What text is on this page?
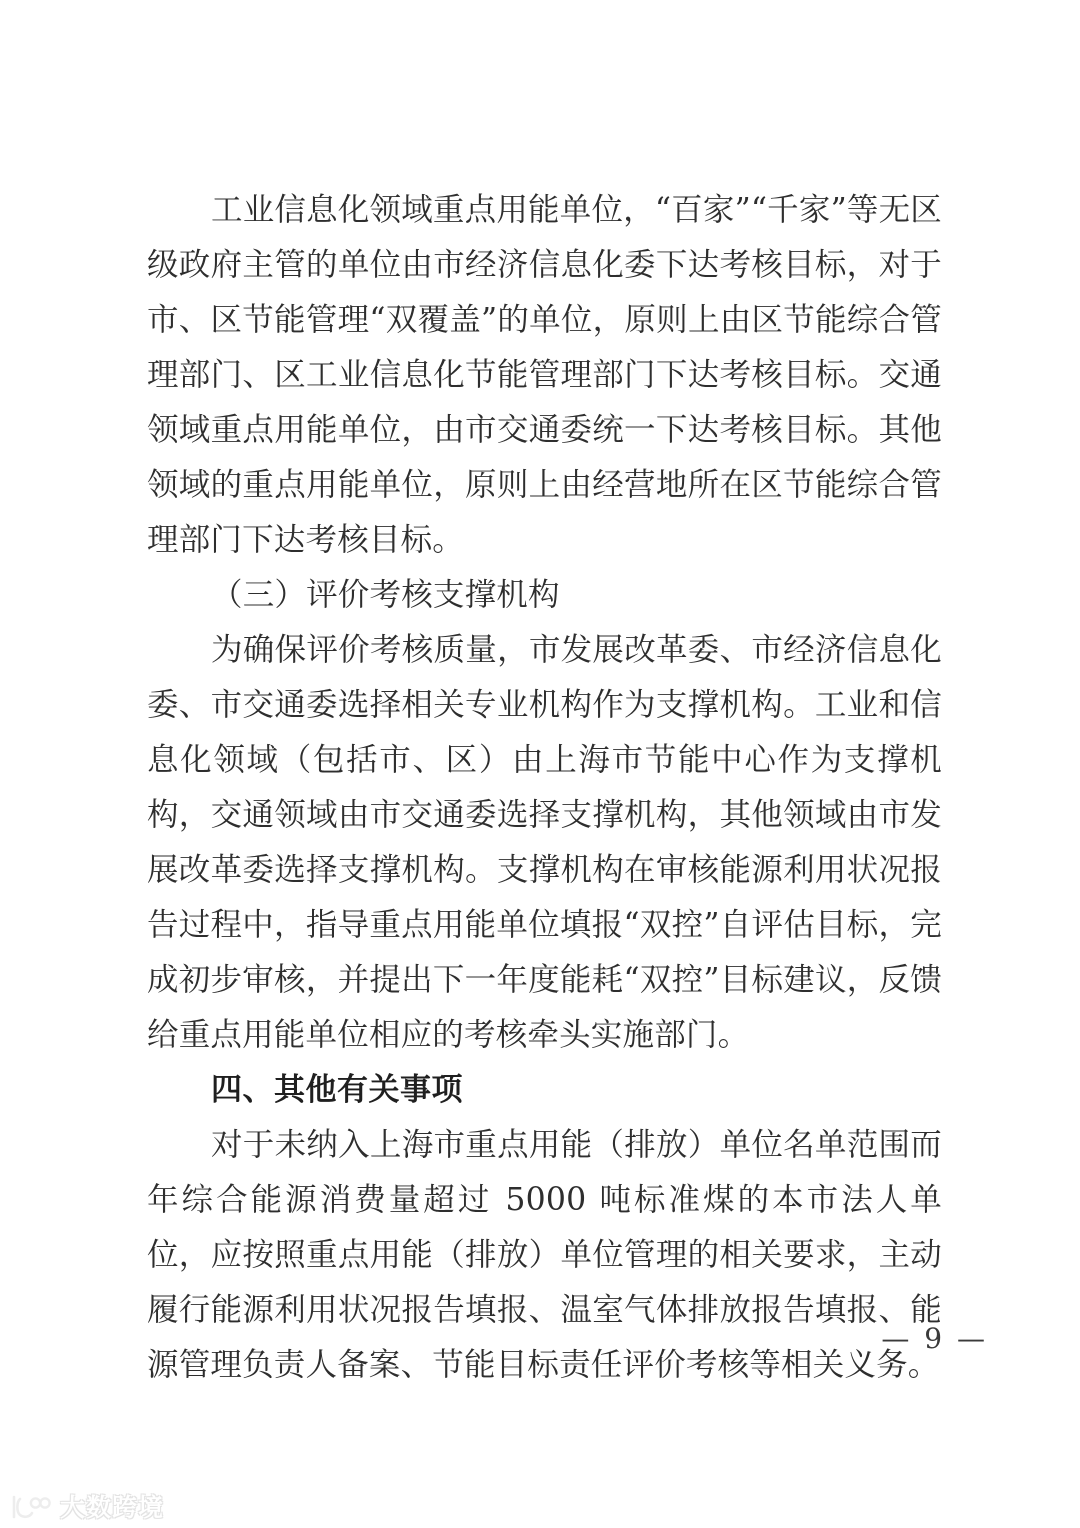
工业信息化领域重点用能单位，“百家”“千家”等无区级政府主管的单位由市经济信息化委下达考核目标，对于市、区节能管理“双覆盖”的单位，原则上由区节能综合管理部门、区工业信息化节能管理部门下达考核目标。交通领域重点用能单位，由市交通委统一下达考核目标。其他领域的重点用能单位，原则上由经营地所在区节能综合管理部门下达考核目标。

（三）评价考核支撑机构

为确保评价考核质量，市发展改革委、市经济信息化委、市交通委选择相关专业机构作为支撑机构。工业和信息化领域（包括市、区）由上海市节能中心作为支撑机构，交通领域由市交通委选择支撑机构，其他领域由市发展改革委选择支撑机构。支撑机构在审核能源利用状况报告过程中，指导重点用能单位填报“双控”自评估目标，完成初步审核，并提出下一年度能耗“双控”目标建议，反馈给重点用能单位相应的考核牵头实施部门。

四、其他有关事项

对于未纳入上海市重点用能（排放）单位名单范围而年综合能源消费量超过 5000 吨标准煤的本市法人单位，应按照重点用能（排放）单位管理的相关要求，主动履行能源利用状况报告填报、温室气体排放报告填报、能源管理负责人备案、节能目标责任评价考核等相关义务。

— 9 —
大数跨境
